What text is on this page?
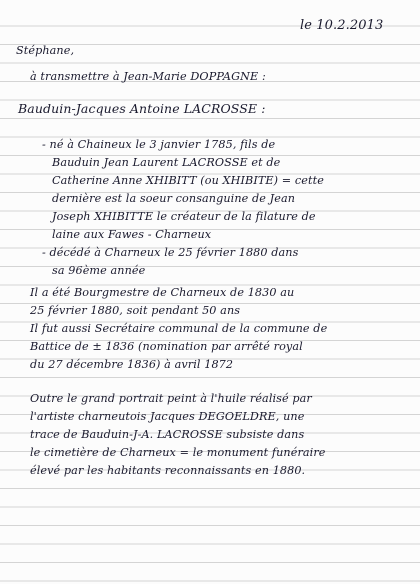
le 10.2.2013
Stéphane,
à transmettre à Jean-Marie DOPPAGNE :
Bauduin-Jacques Antoine LACROSSE :
- né à Chaineux le 3 janvier 1785, fils de
Bauduin Jean Laurent LACROSSE et de
Catherine Anne XHIBITT (ou XHIBITE) = cette
dernière est la soeur consanguine de Jean
Joseph XHIBITTE le créateur de la filature de
laine aux Fawes - Charneux
- décédé à Charneux le 25 février 1880 dans
sa 96ème année
Il a été Bourgmestre de Charneux de 1830 au
25 février 1880, soit pendant 50 ans
Il fut aussi Secrétaire communal de la commune de
Battice de ± 1836 (nomination par arrêté royal
du 27 décembre 1836) à avril 1872
Outre le grand portrait peint à l'huile réalisé par
l'artiste charneutois Jacques DEGOELDRE, une
trace de Bauduin-J-A. LACROSSE subsiste dans
le cimetière de Charneux = le monument funéraire
élevé par les habitants reconnaissants en 1880.
